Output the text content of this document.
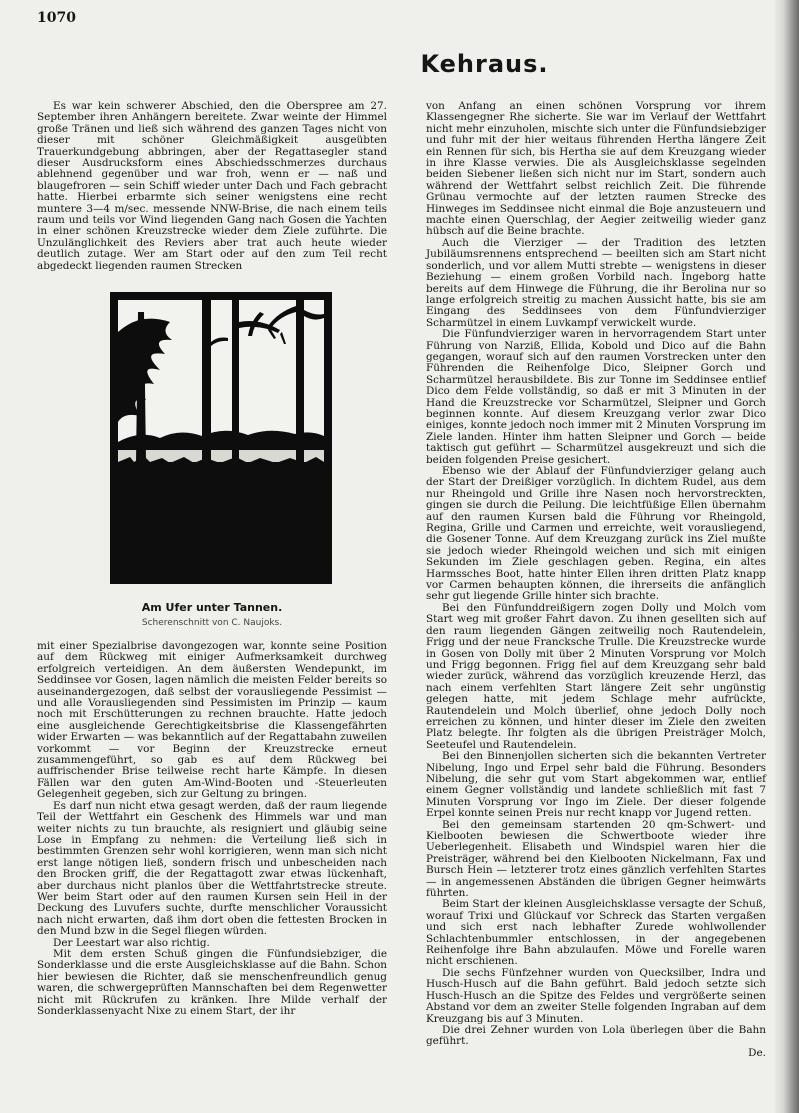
1070
Kehraus.

Es war kein schwerer Abschied, den die Oberspree am 27. September ihren Anhängern bereitete. Zwar weinte der Himmel große Tränen und ließ sich während des ganzen Tages nicht von dieser mit schöner Gleichmäßigkeit ausgeübten Trauerkundgebung abbringen, aber der Regattasegler stand dieser Ausdrucksform eines Abschiedsschmerzes durchaus ablehnend gegenüber und war froh, wenn er — naß und blaugefroren — sein Schiff wieder unter Dach und Fach gebracht hatte. Hierbei erbarmte sich seiner wenigstens eine recht muntere 3—4 m/sec. messende NNW-Brise, die nach einem teils raum und teils vor Wind liegenden Gang nach Gosen die Yachten in einer schönen Kreuzstrecke wieder dem Ziele zuführte. Die Unzulänglichkeit des Reviers aber trat auch heute wieder deutlich zutage. Wer am Start oder auf den zum Teil recht abgedeckt liegenden raumen Strecken

Am Ufer unter Tannen.
Scherenschnitt von C. Naujoks.

mit einer Spezialbrise davongezogen war, konnte seine Position auf dem Rückweg mit einiger Aufmerksamkeit durchweg erfolgreich verteidigen. An dem äußersten Wendepunkt, im Seddinsee vor Gosen, lagen nämlich die meisten Felder bereits so auseinandergezogen, daß selbst der vorausliegende Pessimist — und alle Vorausliegenden sind Pessimisten im Prinzip — kaum noch mit Erschütterungen zu rechnen brauchte. Hatte jedoch eine ausgleichende Gerechtigkeitsbrise die Klassengefährten wider Erwarten — was bekanntlich auf der Regattabahn zuweilen vorkommt — vor Beginn der Kreuzstrecke erneut zusammengeführt, so gab es auf dem Rückweg bei auffrischender Brise teilweise recht harte Kämpfe. In diesen Fällen war den guten Am-Wind-Booten und -Steuerleuten Gelegenheit gegeben, sich zur Geltung zu bringen.

Es darf nun nicht etwa gesagt werden, daß der raum liegende Teil der Wettfahrt ein Geschenk des Himmels war und man weiter nichts zu tun brauchte, als resigniert und gläubig seine Lose in Empfang zu nehmen: die Verteilung ließ sich in bestimmten Grenzen sehr wohl korrigieren, wenn man sich nicht erst lange nötigen ließ, sondern frisch und unbescheiden nach den Brocken griff, die der Regattagott zwar etwas lückenhaft, aber durchaus nicht planlos über die Wettfahrtstrecke streute. Wer beim Start oder auf den raumen Kursen sein Heil in der Deckung des Luvufers suchte, durfte menschlicher Voraussicht nach nicht erwarten, daß ihm dort oben die fettesten Brocken in den Mund bzw in die Segel fliegen würden.

Der Leestart war also richtig.

Mit dem ersten Schuß gingen die Fünfundsiebziger, die Sonderklasse und die erste Ausgleichsklasse auf die Bahn. Schon hier bewiesen die Richter, daß sie menschenfreundlich genug waren, die schwergeprüften Mannschaften bei dem Regenwetter nicht mit Rückrufen zu kränken. Ihre Milde verhalf der Sonderklassenyacht Nixe zu einem Start, der ihr

von Anfang an einen schönen Vorsprung vor ihrem Klassengegner Rhe sicherte. Sie war im Verlauf der Wettfahrt nicht mehr einzuholen, mischte sich unter die Fünfundsiebziger und fuhr mit der hier weitaus führenden Hertha längere Zeit ein Rennen für sich, bis Hertha sie auf dem Kreuzgang wieder in ihre Klasse verwies. Die als Ausgleichsklasse segelnden beiden Siebener ließen sich nicht nur im Start, sondern auch während der Wettfahrt selbst reichlich Zeit. Die führende Grünau vermochte auf der letzten raumen Strecke des Hinweges im Seddinsee nicht einmal die Boje anzusteuern und machte einen Querschlag, der Aegier zeitweilig wieder ganz hübsch auf die Beine brachte.

Auch die Vierziger — der Tradition des letzten Jubiläumsrennens entsprechend — beeilten sich am Start nicht sonderlich, und vor allem Mutti strebte — wenigstens in dieser Beziehung — einem großen Vorbild nach. Ingeborg hatte bereits auf dem Hinwege die Führung, die ihr Berolina nur so lange erfolgreich streitig zu machen Aussicht hatte, bis sie am Eingang des Seddinsees von dem Fünfundvierziger Scharmützel in einem Luvkampf verwickelt wurde.

Die Fünfundvierziger waren in hervorragendem Start unter Führung von Narziß, Ellida, Kobold und Dico auf die Bahn gegangen, worauf sich auf den raumen Vorstrecken unter den Führenden die Reihenfolge Dico, Sleipner Gorch und Scharmützel herausbildete. Bis zur Tonne im Seddinsee entlief Dico dem Felde vollständig, so daß er mit 3 Minuten in der Hand die Kreuzstrecke vor Scharmützel, Sleipner und Gorch beginnen konnte. Auf diesem Kreuzgang verlor zwar Dico einiges, konnte jedoch noch immer mit 2 Minuten Vorsprung im Ziele landen. Hinter ihm hatten Sleipner und Gorch — beide taktisch gut geführt — Scharmützel ausgekreuzt und sich die beiden folgenden Preise gesichert.

Ebenso wie der Ablauf der Fünfundvierziger gelang auch der Start der Dreißiger vorzüglich. In dichtem Rudel, aus dem nur Rheingold und Grille ihre Nasen noch hervorstreckten, gingen sie durch die Peilung. Die leichtfüßige Ellen übernahm auf den raumen Kursen bald die Führung vor Rheingold, Regina, Grille und Carmen und erreichte, weit vorausliegend, die Gosener Tonne. Auf dem Kreuzgang zurück ins Ziel mußte sie jedoch wieder Rheingold weichen und sich mit einigen Sekunden im Ziele geschlagen geben. Regina, ein altes Harmssches Boot, hatte hinter Ellen ihren dritten Platz knapp vor Carmen behaupten können, die ihrerseits die anfänglich sehr gut liegende Grille hinter sich brachte.

Bei den Fünfunddreißigern zogen Dolly und Molch vom Start weg mit großer Fahrt davon. Zu ihnen gesellten sich auf den raum liegenden Gängen zeitweilig noch Rautendelein, Frigg und der neue Francksche Trulle. Die Kreuzstrecke wurde in Gosen von Dolly mit über 2 Minuten Vorsprung vor Molch und Frigg begonnen. Frigg fiel auf dem Kreuzgang sehr bald wieder zurück, während das vorzüglich kreuzende Herzl, das nach einem verfehlten Start längere Zeit sehr ungünstig gelegen hatte, mit jedem Schlage mehr aufrückte, Rautendelein und Molch überlief, ohne jedoch Dolly noch erreichen zu können, und hinter dieser im Ziele den zweiten Platz belegte. Ihr folgten als die übrigen Preisträger Molch, Seeteufel und Rautendelein.

Bei den Binnenjollen sicherten sich die bekannten Vertreter Nibelung, Ingo und Erpel sehr bald die Führung. Besonders Nibelung, die sehr gut vom Start abgekommen war, entlief einem Gegner vollständig und landete schließlich mit fast 7 Minuten Vorsprung vor Ingo im Ziele. Der dieser folgende Erpel konnte seinen Preis nur recht knapp vor Jugend retten.

Bei den gemeinsam startenden 20 qm-Schwert- und Kielbooten bewiesen die Schwertboote wieder ihre Ueberlegenheit. Elisabeth und Windspiel waren hier die Preisträger, während bei den Kielbooten Nickelmann, Fax und Bursch Hein — letzterer trotz eines gänzlich verfehlten Startes — in angemessenen Abständen die übrigen Gegner heimwärts führten.

Beim Start der kleinen Ausgleichsklasse versagte der Schuß, worauf Trixi und Glückauf vor Schreck das Starten vergaßen und sich erst nach lebhafter Zurede wohlwollender Schlachtenbummler entschlossen, in der angegebenen Reihenfolge ihre Bahn abzulaufen. Möwe und Forelle waren nicht erschienen.

Die sechs Fünfzehner wurden von Quecksilber, Indra und Husch-Husch auf die Bahn geführt. Bald jedoch setzte sich Husch-Husch an die Spitze des Feldes und vergrößerte seinen Abstand vor dem an zweiter Stelle folgenden Ingraban auf dem Kreuzgang bis auf 3 Minuten.

Die drei Zehner wurden von Lola überlegen über die Bahn geführt.

De.
